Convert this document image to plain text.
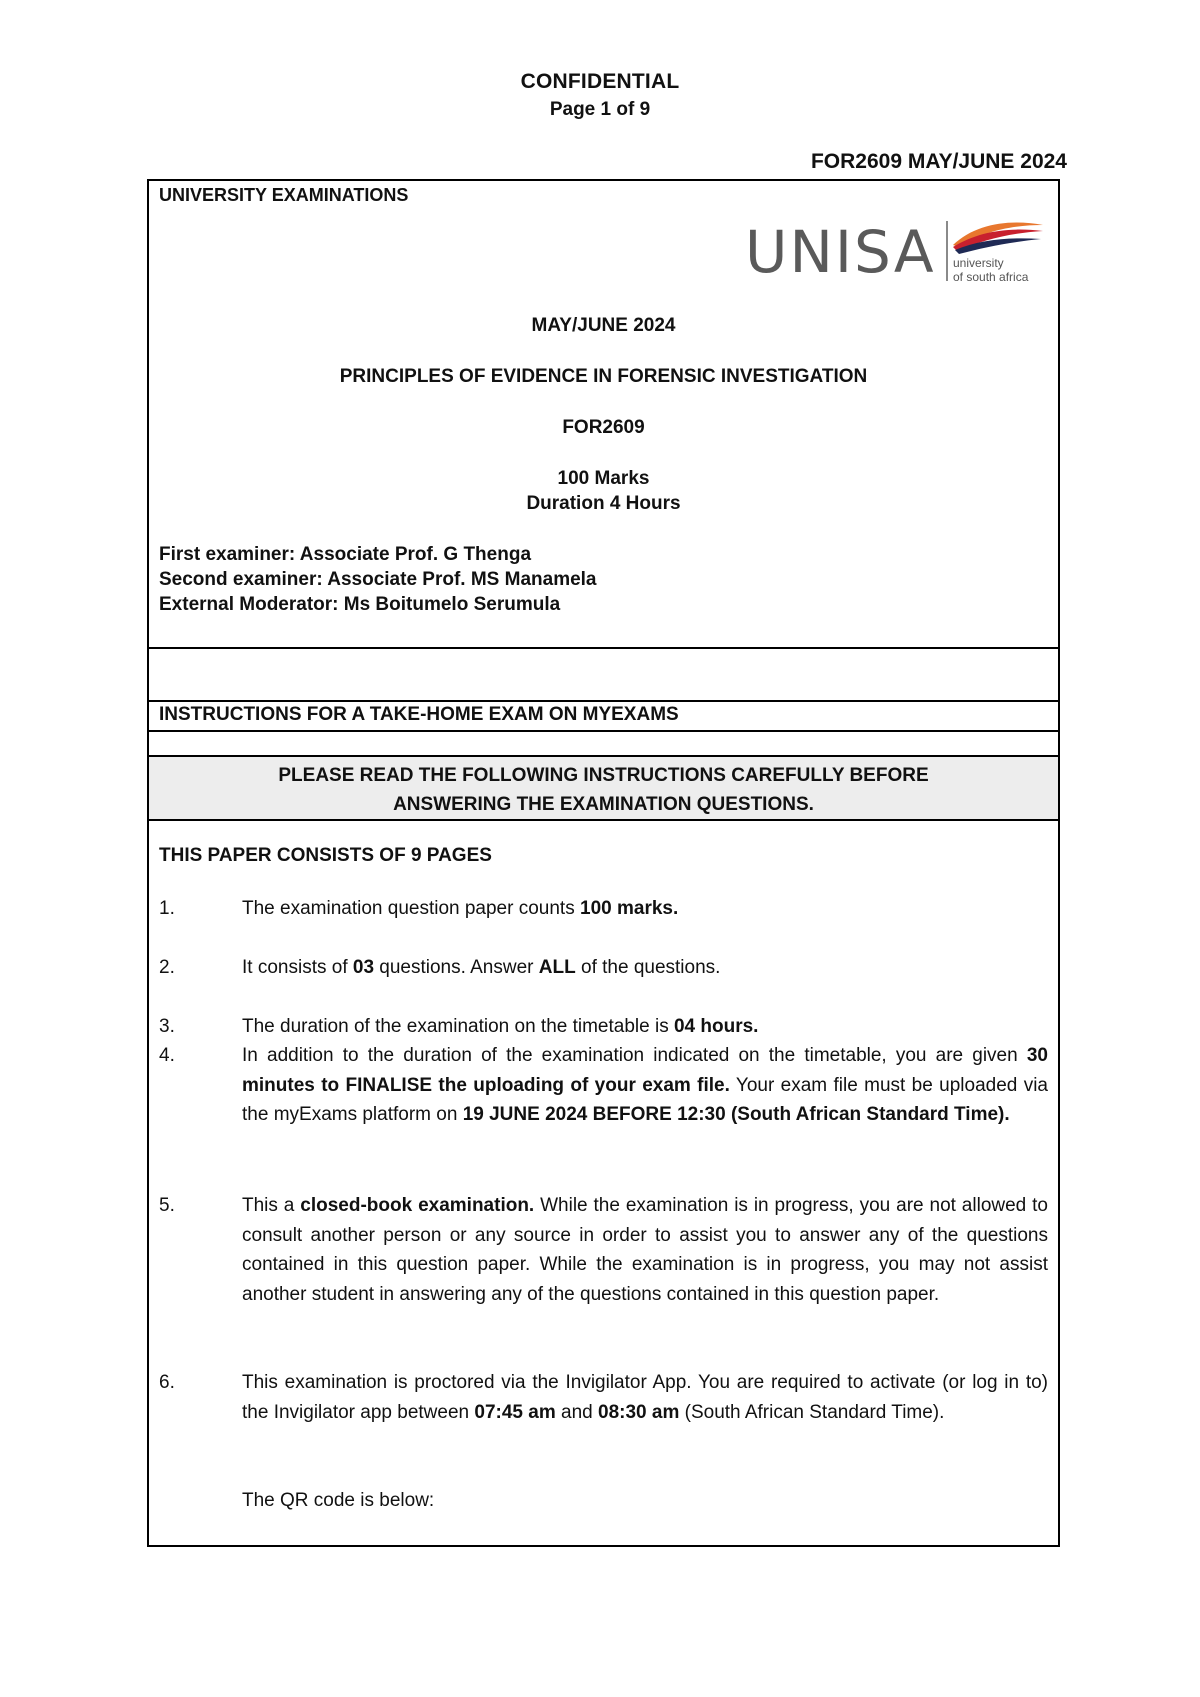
CONFIDENTIAL
Page 1 of 9
FOR2609 MAY/JUNE 2024
UNIVERSITY EXAMINATIONS
UNISA university
of south africa
MAY/JUNE 2024
PRINCIPLES OF EVIDENCE IN FORENSIC INVESTIGATION
FOR2609
100 Marks
Duration 4 Hours
First examiner: Associate Prof. G Thenga
Second examiner: Associate Prof. MS Manamela
External Moderator: Ms Boitumelo Serumula
INSTRUCTIONS FOR A TAKE-HOME EXAM ON MYEXAMS
PLEASE READ THE FOLLOWING INSTRUCTIONS CAREFULLY BEFORE
ANSWERING THE EXAMINATION QUESTIONS.
THIS PAPER CONSISTS OF 9 PAGES
1.	The examination question paper counts 100 marks.
2.	It consists of 03 questions. Answer ALL of the questions.
3.	The duration of the examination on the timetable is 04 hours.
4.	In addition to the duration of the examination indicated on the timetable, you are given 30 minutes to FINALISE the uploading of your exam file. Your exam file must be uploaded via the myExams platform on 19 JUNE 2024 BEFORE 12:30 (South African Standard Time).
5.	This a closed-book examination. While the examination is in progress, you are not allowed to consult another person or any source in order to assist you to answer any of the questions contained in this question paper. While the examination is in progress, you may not assist another student in answering any of the questions contained in this question paper.
6.	This examination is proctored via the Invigilator App. You are required to activate (or log in to) the Invigilator app between 07:45 am and 08:30 am (South African Standard Time).
The QR code is below:
